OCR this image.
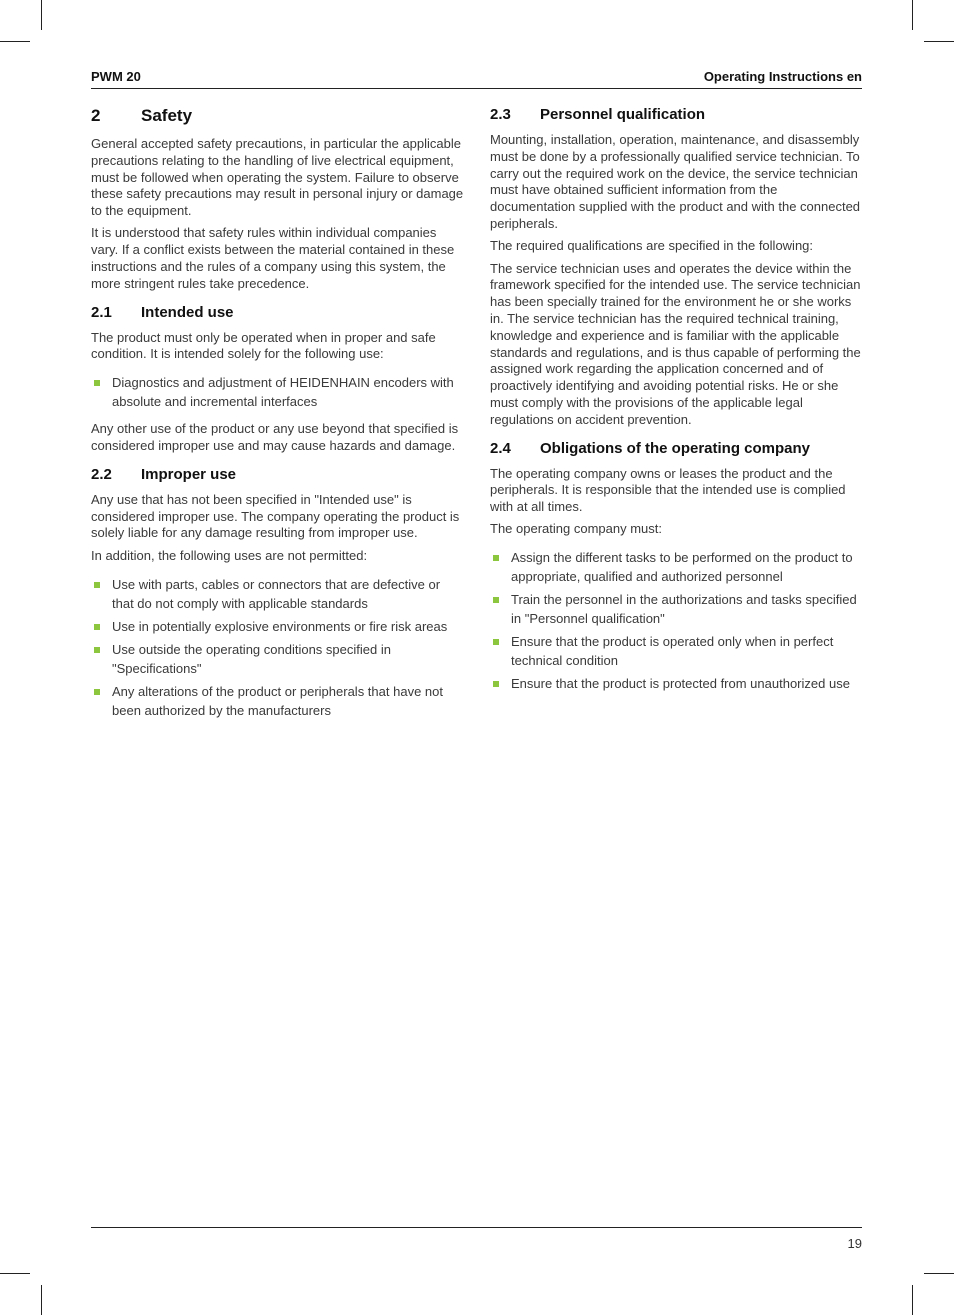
PWM 20	Operating Instructions en
2	Safety

General accepted safety precautions, in particular the applicable precautions relating to the handling of live electrical equipment, must be followed when operating the system. Failure to observe these safety precautions may result in personal injury or damage to the equipment.

It is understood that safety rules within individual companies vary. If a conflict exists between the material contained in these instructions and the rules of a company using this system, the more stringent rules take precedence.

2.1	Intended use

The product must only be operated when in proper and safe condition. It is intended solely for the following use:

Diagnostics and adjustment of HEIDENHAIN encoders with absolute and incremental interfaces

Any other use of the product or any use beyond that specified is considered improper use and may cause hazards and damage.

2.2	Improper use

Any use that has not been specified in "Intended use" is considered improper use. The company operating the product is solely liable for any damage resulting from improper use.

In addition, the following uses are not permitted:

Use with parts, cables or connectors that are defective or that do not comply with applicable standards
Use in potentially explosive environments or fire risk areas
Use outside the operating conditions specified in "Specifications"
Any alterations of the product or peripherals that have not been authorized by the manufacturers
2.3	Personnel qualification

Mounting, installation, operation, maintenance, and disassembly must be done by a professionally qualified service technician. To carry out the required work on the device, the service technician must have obtained sufficient information from the documentation supplied with the product and with the connected peripherals.

The required qualifications are specified in the following:

The service technician uses and operates the device within the framework specified for the intended use. The service technician has been specially trained for the environment he or she works in. The service technician has the required technical training, knowledge and experience and is familiar with the applicable standards and regulations, and is thus capable of performing the assigned work regarding the application concerned and of proactively identifying and avoiding potential risks. He or she must comply with the provisions of the applicable legal regulations on accident prevention.

2.4	Obligations of the operating company

The operating company owns or leases the product and the peripherals. It is responsible that the intended use is complied with at all times.

The operating company must:

Assign the different tasks to be performed on the product to appropriate, qualified and authorized personnel
Train the personnel in the authorizations and tasks specified in "Personnel qualification"
Ensure that the product is operated only when in perfect technical condition
Ensure that the product is protected from unauthorized use
19
